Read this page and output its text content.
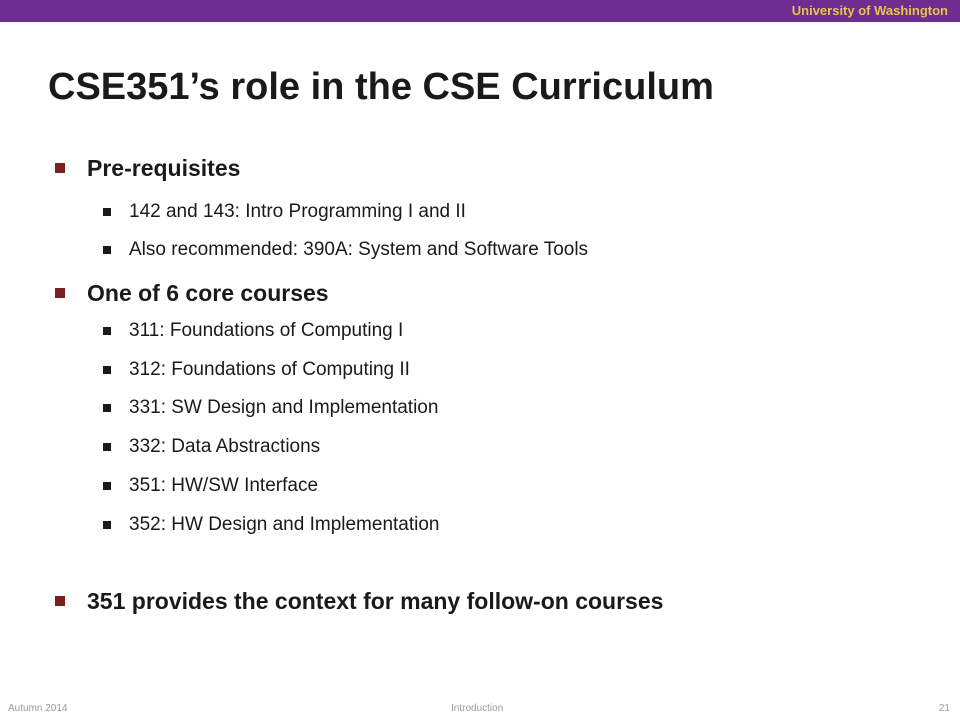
University of Washington
CSE351’s role in the CSE Curriculum
Pre-requisites
142 and 143: Intro Programming I and II
Also recommended: 390A: System and Software Tools
One of 6 core courses
311: Foundations of Computing I
312: Foundations of Computing II
331: SW Design and Implementation
332: Data Abstractions
351: HW/SW Interface
352: HW Design and Implementation
351 provides the context for many follow-on courses
Autumn 2014	Introduction	21
